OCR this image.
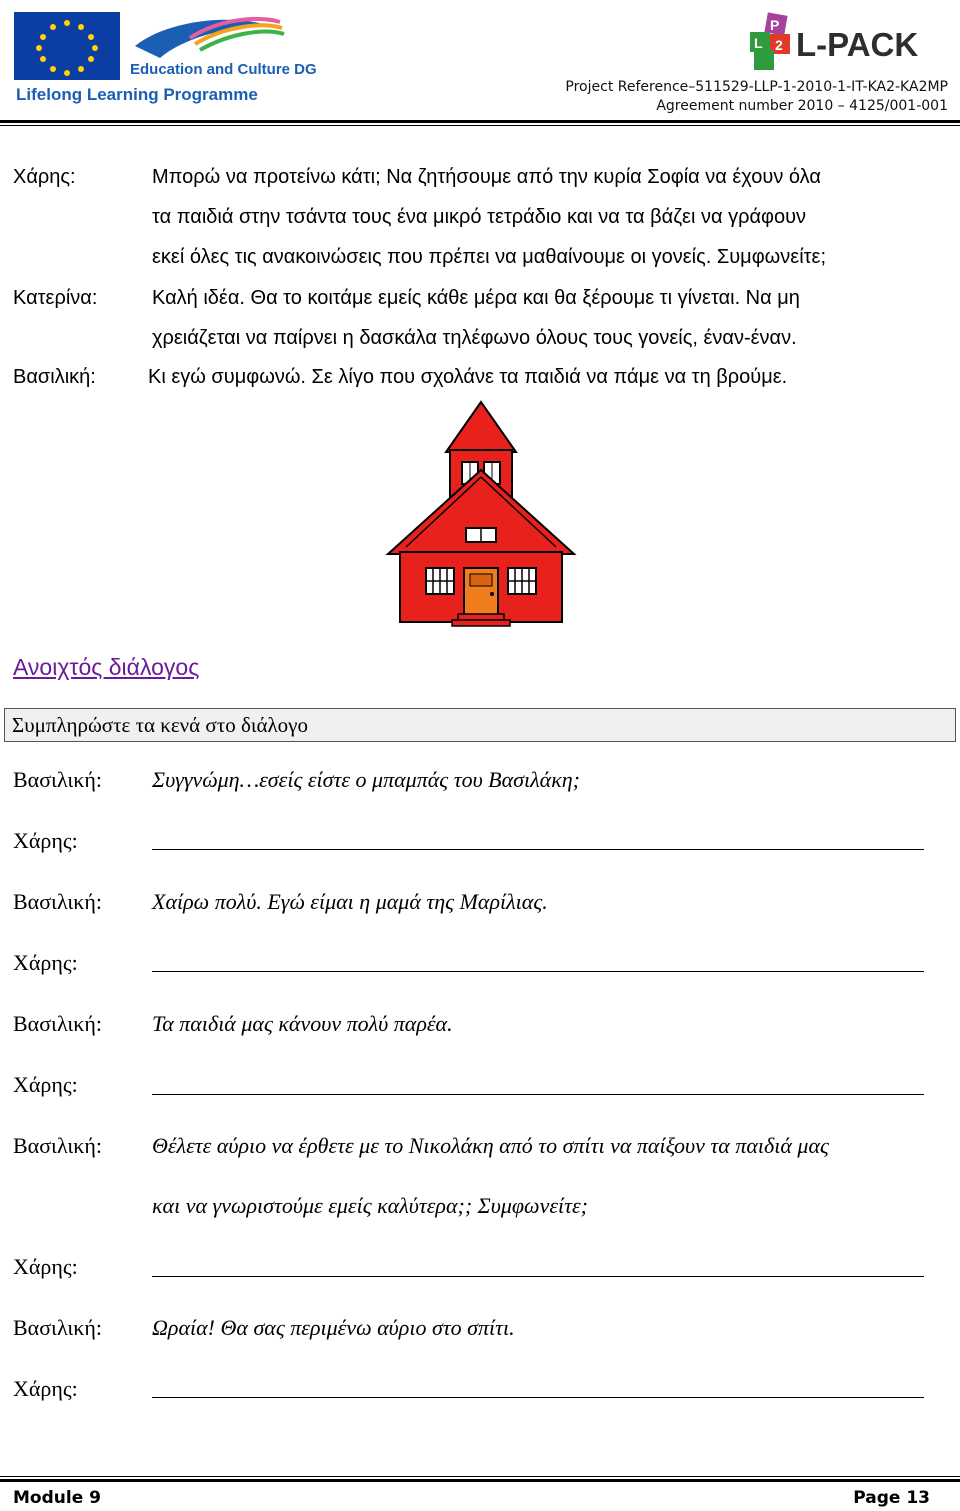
Education and Culture DG
Lifelong Learning Programme
P
L 2 L-PACK
Project Reference–511529-LLP-1-2010-1-IT-KA2-KA2MP
Agreement number 2010 – 4125/001-001
Χάρης:	Μπορώ να προτείνω κάτι; Να ζητήσουμε από την κυρία Σοφία να έχουν όλα
τα παιδιά στην τσάντα τους ένα μικρό τετράδιο και να τα βάζει να γράφουν
εκεί όλες τις ανακοινώσεις που πρέπει να μαθαίνουμε οι γονείς. Συμφωνείτε;
Κατερίνα:	Καλή ιδέα. Θα το κοιτάμε εμείς κάθε μέρα και θα ξέρουμε τι γίνεται. Να μη
χρειάζεται να παίρνει η δασκάλα τηλέφωνο όλους τους γονείς, έναν-έναν.
Βασιλική:	Κι εγώ συμφωνώ. Σε λίγο που σχολάνε τα παιδιά να πάμε να τη βρούμε.
Ανοιχτός διάλογος
Συμπληρώστε τα κενά στο διάλογο
Βασιλική: Συγγνώμη…εσείς είστε ο μπαμπάς του Βασιλάκη;
Χάρης:
Βασιλική: Χαίρω πολύ. Εγώ είμαι η μαμά της Μαρίλιας.
Χάρης:
Βασιλική: Τα παιδιά μας κάνουν πολύ παρέα.
Χάρης:
Βασιλική: Θέλετε αύριο να έρθετε με το Νικολάκη από το σπίτι να παίξουν τα παιδιά μας
και να γνωριστούμε εμείς καλύτερα;; Συμφωνείτε;
Χάρης:
Βασιλική: Ωραία! Θα σας περιμένω αύριο στο σπίτι.
Χάρης:
Module 9	Page 13
